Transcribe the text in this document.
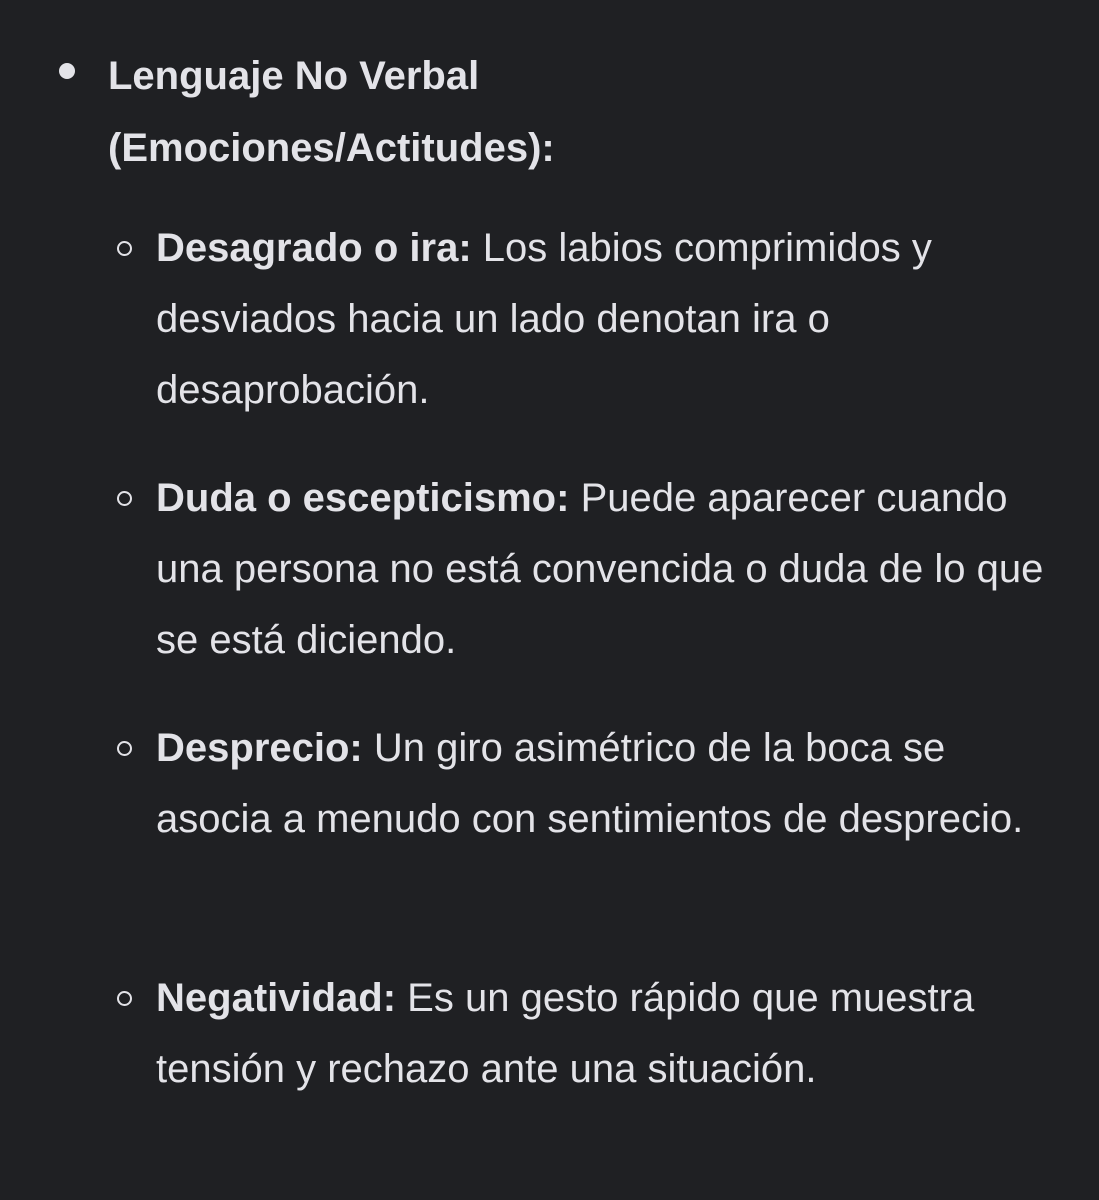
Lenguaje No Verbal
(Emociones/Actitudes):
Desagrado o ira: Los labios comprimidos y desviados hacia un lado denotan ira o desaprobación.
Duda o escepticismo: Puede aparecer cuando una persona no está convencida o duda de lo que se está diciendo.
Desprecio: Un giro asimétrico de la boca se asocia a menudo con sentimientos de desprecio.
Negatividad: Es un gesto rápido que muestra tensión y rechazo ante una situación.
